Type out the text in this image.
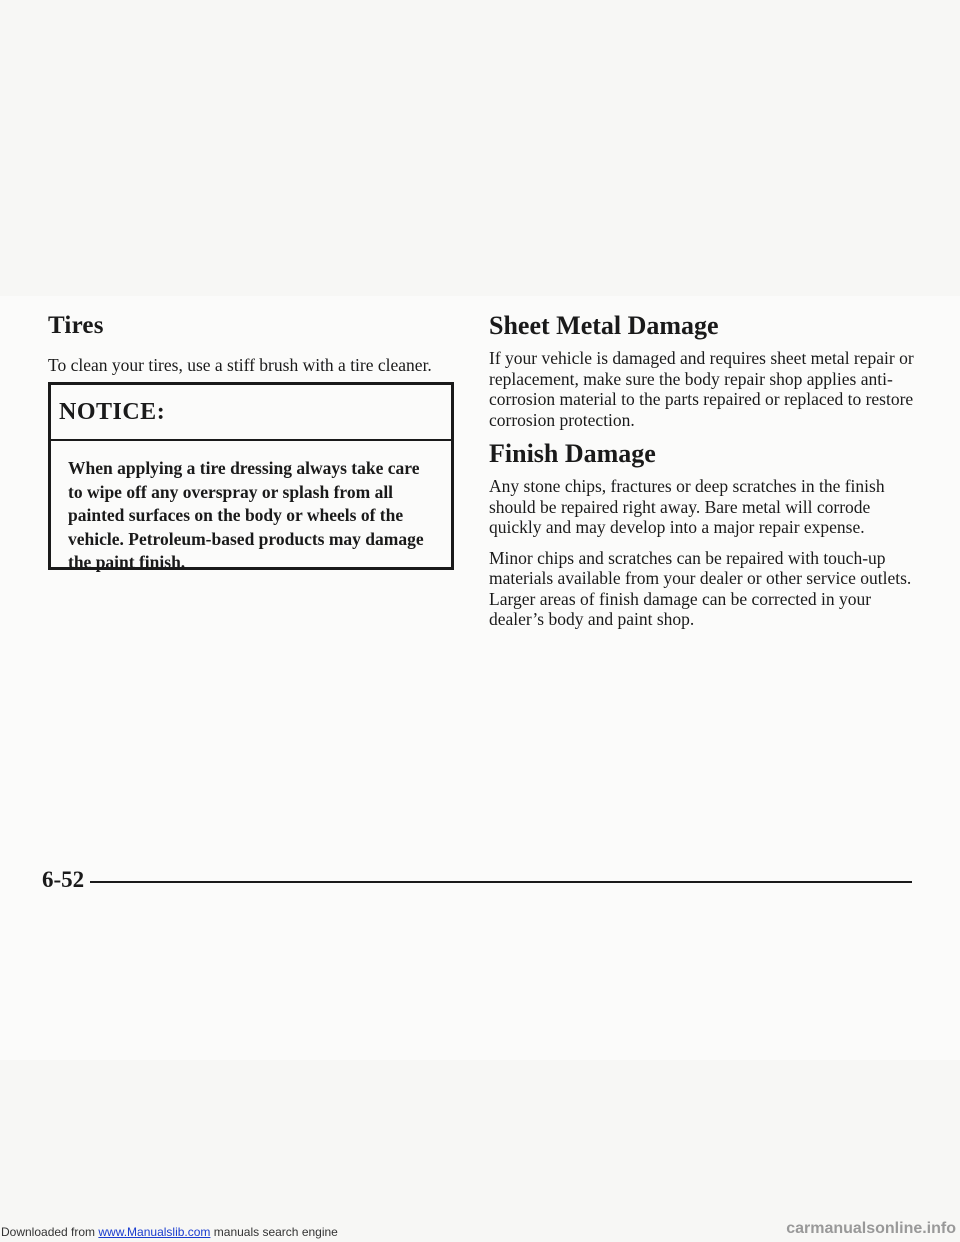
Tires

To clean your tires, use a stiff brush with a tire cleaner.

NOTICE:
When applying a tire dressing always take care to wipe off any overspray or splash from all painted surfaces on the body or wheels of the vehicle. Petroleum-based products may damage the paint finish.
Sheet Metal Damage

If your vehicle is damaged and requires sheet metal repair or replacement, make sure the body repair shop applies anti-corrosion material to the parts repaired or replaced to restore corrosion protection.

Finish Damage

Any stone chips, fractures or deep scratches in the finish should be repaired right away. Bare metal will corrode quickly and may develop into a major repair expense.

Minor chips and scratches can be repaired with touch-up materials available from your dealer or other service outlets. Larger areas of finish damage can be corrected in your dealer’s body and paint shop.

6-52
Downloaded from www.Manualslib.com manuals search engine	carmanualsonline.info
